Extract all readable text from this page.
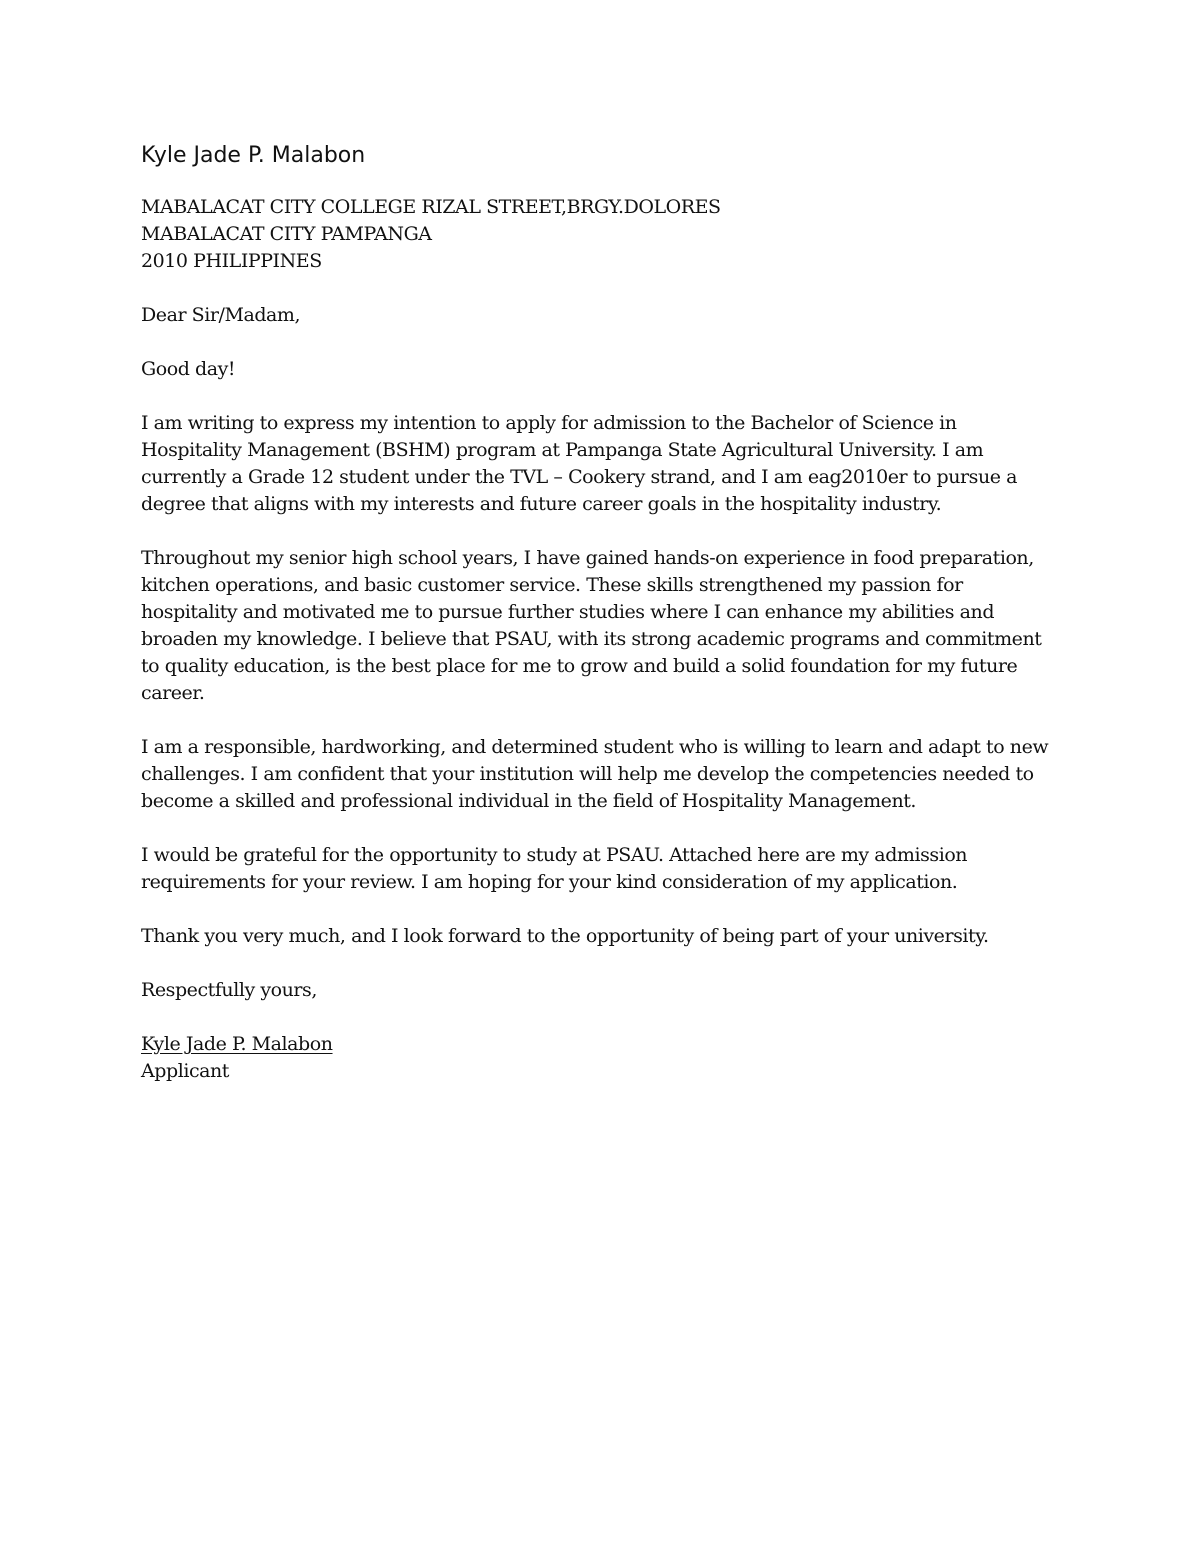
Kyle Jade P. Malabon
MABALACAT CITY COLLEGE RIZAL STREET,BRGY.DOLORES
MABALACAT CITY PAMPANGA
2010 PHILIPPINES

Dear Sir/Madam,

Good day!

I am writing to express my intention to apply for admission to the Bachelor of Science in Hospitality Management (BSHM) program at Pampanga State Agricultural University. I am currently a Grade 12 student under the TVL – Cookery strand, and I am eag2010er to pursue a degree that aligns with my interests and future career goals in the hospitality industry.

Throughout my senior high school years, I have gained hands-on experience in food preparation, kitchen operations, and basic customer service. These skills strengthened my passion for hospitality and motivated me to pursue further studies where I can enhance my abilities and broaden my knowledge. I believe that PSAU, with its strong academic programs and commitment to quality education, is the best place for me to grow and build a solid foundation for my future career.

I am a responsible, hardworking, and determined student who is willing to learn and adapt to new challenges. I am confident that your institution will help me develop the competencies needed to become a skilled and professional individual in the field of Hospitality Management.

I would be grateful for the opportunity to study at PSAU. Attached here are my admission requirements for your review. I am hoping for your kind consideration of my application.

Thank you very much, and I look forward to the opportunity of being part of your university.

Respectfully yours,

Kyle Jade P. Malabon
Applicant
